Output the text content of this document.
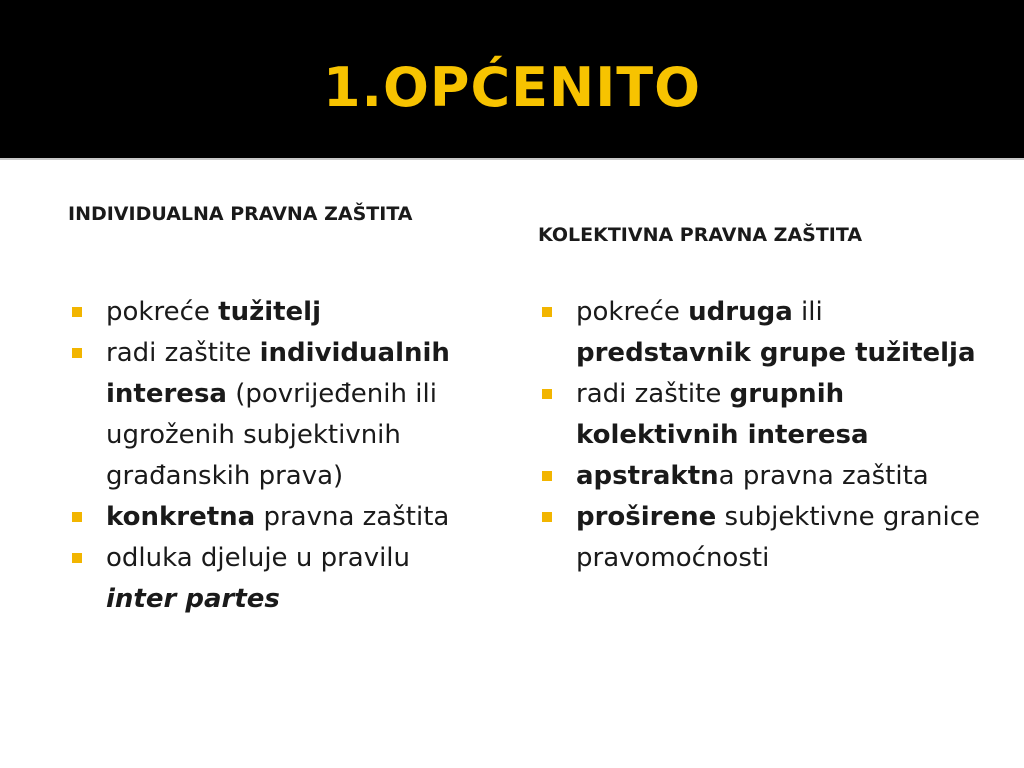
1.OPĆENITO
INDIVIDUALNA PRAVNA ZAŠTITA
pokreće tužitelj
radi zaštite individualnih interesa (povrijeđenih ili ugroženih subjektivnih građanskih prava)
konkretna pravna zaštita
odluka djeluje u pravilu inter partes
KOLEKTIVNA PRAVNA ZAŠTITA
pokreće udruga ili predstavnik grupe tužitelja
radi zaštite grupnih kolektivnih interesa
apstraktna pravna zaštita
proširene subjektivne granice pravomoćnosti
